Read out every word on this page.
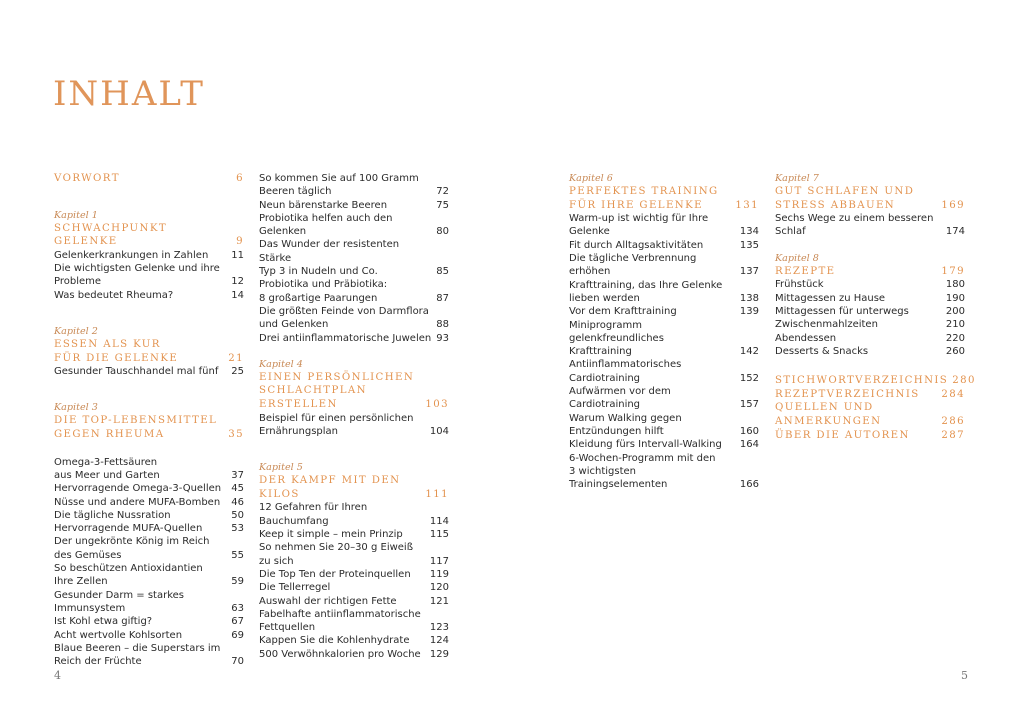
INHALT
VORWORT	6
Kapitel 1
SCHWACHPUNKT GELENKE	9
Gelenkerkrankungen in Zahlen	11
Die wichtigsten Gelenke und ihre
Probleme	12
Was bedeutet Rheuma?	14
Kapitel 2
ESSEN ALS KUR
FÜR DIE GELENKE	21
Gesunder Tauschhandel mal fünf	25
Kapitel 3
DIE TOP-LEBENSMITTEL
GEGEN RHEUMA	35
Omega-3-Fettsäuren
aus Meer und Garten	37
Hervorragende Omega-3-Quellen	45
Nüsse und andere MUFA-Bomben	46
Die tägliche Nussration	50
Hervorragende MUFA-Quellen	53
Der ungekrönte König im Reich
des Gemüses	55
So beschützen Antioxidantien
Ihre Zellen	59
Gesunder Darm = starkes
Immunsystem	63
Ist Kohl etwa giftig?	67
Acht wertvolle Kohlsorten	69
Blaue Beeren – die Superstars im
Reich der Früchte	70
So kommen Sie auf 100 Gramm
Beeren täglich	72
Neun bärenstarke Beeren	75
Probiotika helfen auch den Gelenken	80
Das Wunder der resistenten Stärke
Typ 3 in Nudeln und Co.	85
Probiotika und Präbiotika:
8 großartige Paarungen	87
Die größten Feinde von Darmflora
und Gelenken	88
Drei antiinflammatorische Juwelen 93
Kapitel 4
EINEN PERSÖNLICHEN
SCHLACHTPLAN
ERSTELLEN	103
Beispiel für einen persönlichen
Ernährungsplan	104
Kapitel 5
DER KAMPF MIT DEN
KILOS	111
12 Gefahren für Ihren Bauchumfang	114
Keep it simple – mein Prinzip	115
So nehmen Sie 20–30 g Eiweiß
zu sich	117
Die Top Ten der Proteinquellen	119
Die Tellerregel	120
Auswahl der richtigen Fette	121
Fabelhafte antiinflammatorische
Fettquellen	123
Kappen Sie die Kohlenhydrate	124
500 Verwöhnkalorien pro Woche 129
Kapitel 6
PERFEKTES TRAINING
FÜR IHRE GELENKE	131
Warm-up ist wichtig für Ihre
Gelenke	134
Fit durch Alltagsaktivitäten	135
Die tägliche Verbrennung erhöhen	137
Krafttraining, das Ihre Gelenke
lieben werden	138
Vor dem Krafttraining	139
Miniprogramm gelenkfreundliches
Krafttraining	142
Antiinflammatorisches
Cardiotraining	152
Aufwärmen vor dem
Cardiotraining	157
Warum Walking gegen
Entzündungen hilft	160
Kleidung fürs Intervall-Walking	164
6-Wochen-Programm mit den
3 wichtigsten Trainingselementen	166
Kapitel 7
GUT SCHLAFEN UND
STRESS ABBAUEN	169
Sechs Wege zu einem besseren
Schlaf	174
Kapitel 8
REZEPTE	179
Frühstück	180
Mittagessen zu Hause	190
Mittagessen für unterwegs	200
Zwischenmahlzeiten	210
Abendessen	220
Desserts & Snacks	260
STICHWORTVERZEICHNIS 280
REZEPTVERZEICHNIS	284
QUELLEN UND
ANMERKUNGEN	286
ÜBER DIE AUTOREN	287
4	5
